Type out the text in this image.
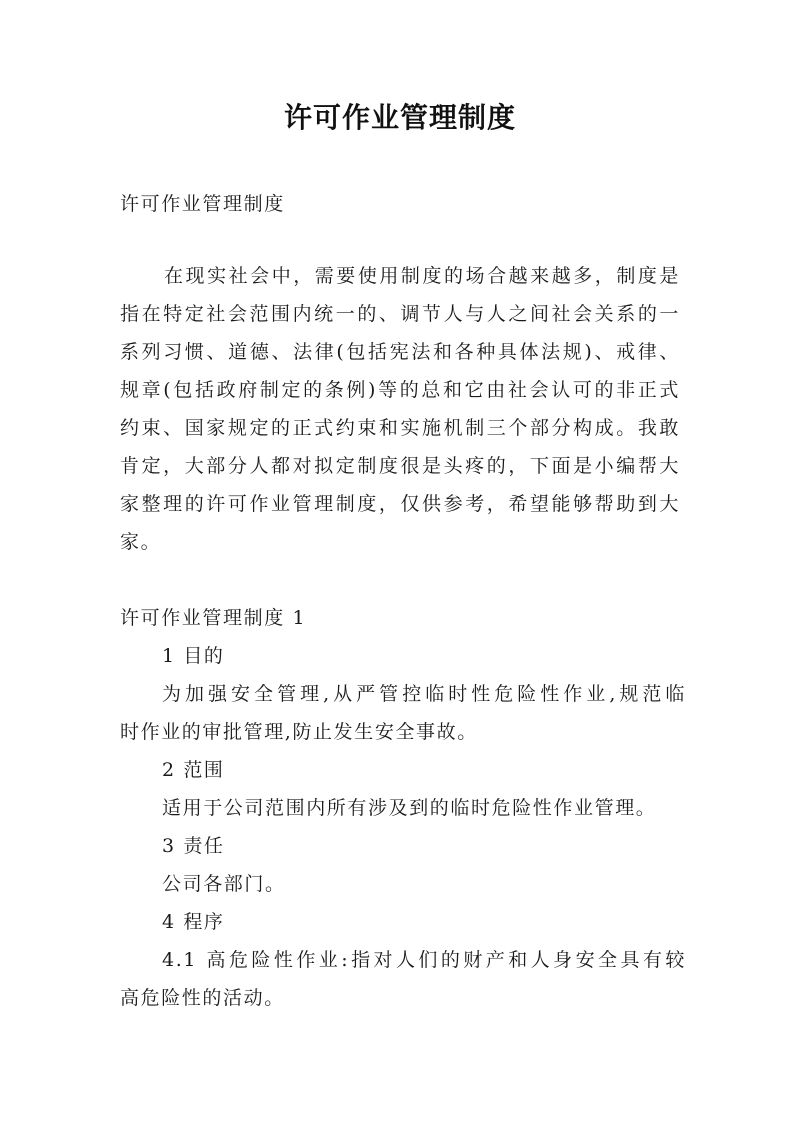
许可作业管理制度
许可作业管理制度
在现实社会中，需要使用制度的场合越来越多，制度是
指在特定社会范围内统一的、调节人与人之间社会关系的一
系列习惯、道德、法律(包括宪法和各种具体法规)、戒律、
规章(包括政府制定的条例)等的总和它由社会认可的非正式
约束、国家规定的正式约束和实施机制三个部分构成。我敢
肯定，大部分人都对拟定制度很是头疼的，下面是小编帮大
家整理的许可作业管理制度，仅供参考，希望能够帮助到大
家。
许可作业管理制度 1
1 目的
为加强安全管理,从严管控临时性危险性作业,规范临
时作业的审批管理,防止发生安全事故。
2 范围
适用于公司范围内所有涉及到的临时危险性作业管理。
3 责任
公司各部门。
4 程序
4.1 高危险性作业:指对人们的财产和人身安全具有较
高危险性的活动。
